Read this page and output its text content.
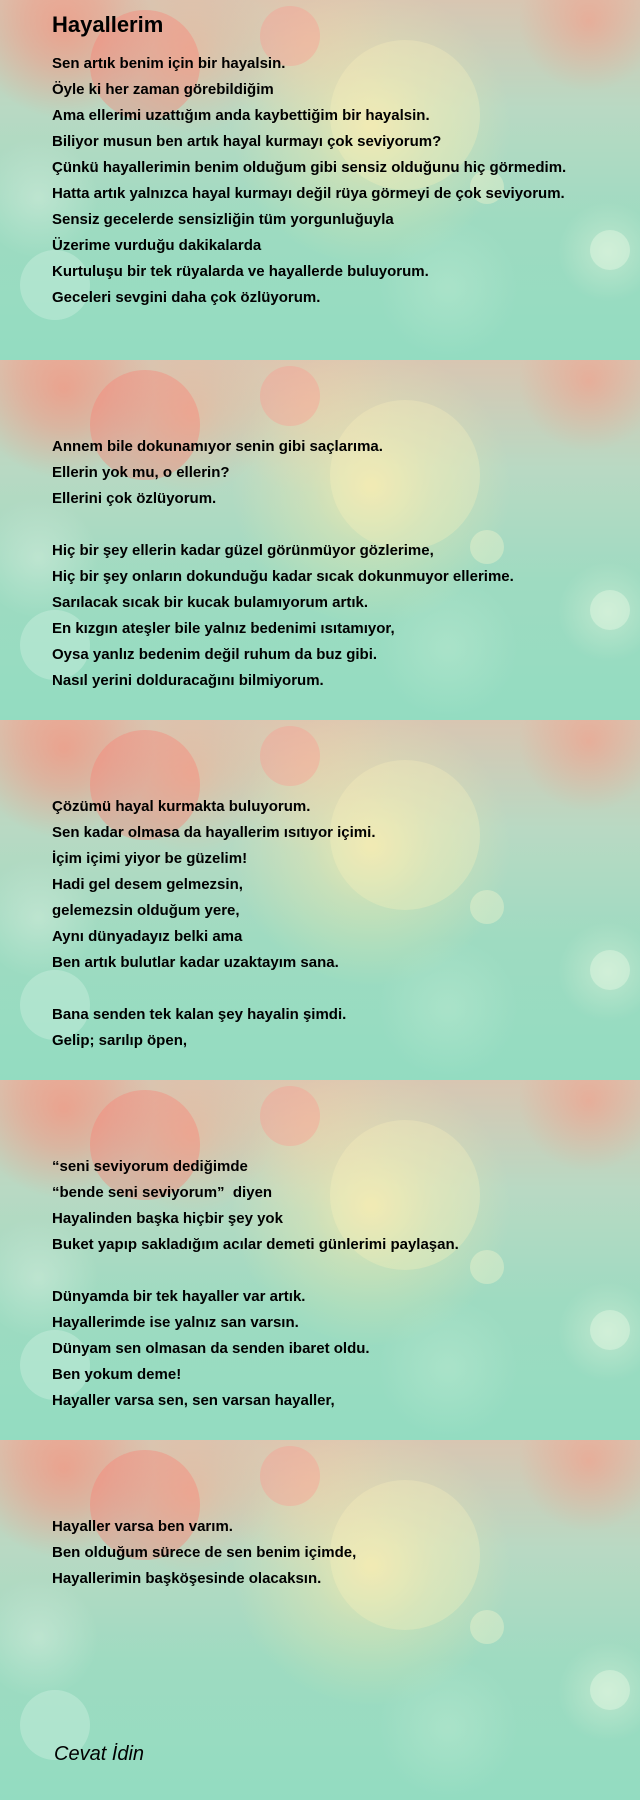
Hayallerim
Sen artık benim için bir hayalsin.
Öyle ki her zaman görebildiğim
Ama ellerimi uzattığım anda kaybettiğim bir hayalsin.
Biliyor musun ben artık hayal kurmayı çok seviyorum?
Çünkü hayallerimin benim olduğum gibi sensiz olduğunu hiç görmedim.
Hatta artık yalnızca hayal kurmayı değil rüya görmeyi de çok seviyorum.
Sensiz gecelerde sensizliğin tüm yorgunluğuyla
Üzerime vurduğu dakikalarda
Kurtuluşu bir tek rüyalarda ve hayallerde buluyorum.
Geceleri sevgini daha çok özlüyorum.
Annem bile dokunamıyor senin gibi saçlarıma.
Ellerin yok mu, o ellerin?
Ellerini çok özlüyorum.
Hiç bir şey ellerin kadar güzel görünmüyor gözlerime,
Hiç bir şey onların dokunduğu kadar sıcak dokunmuyor ellerime.
Sarılacak sıcak bir kucak bulamıyorum artık.
En kızgın ateşler bile yalnız bedenimi ısıtamıyor,
Oysa yanlız bedenim değil ruhum da buz gibi.
Nasıl yerini dolduracağını bilmiyorum.
Çözümü hayal kurmakta buluyorum.
Sen kadar olmasa da hayallerim ısıtıyor içimi.
İçim içimi yiyor be güzelim!
Hadi gel desem gelmezsin,
gelemezsin olduğum yere,
Aynı dünyadayız belki ama
Ben artık bulutlar kadar uzaktayım sana.
Bana senden tek kalan şey hayalin şimdi.
Gelip; sarılıp öpen,
“seni seviyorum dediğimde
“bende seni seviyorum”  diyen
Hayalinden başka hiçbir şey yok
Buket yapıp sakladığım acılar demeti günlerimi paylaşan.
Dünyamda bir tek hayaller var artık.
Hayallerimde ise yalnız san varsın.
Dünyam sen olmasan da senden ibaret oldu.
Ben yokum deme!
Hayaller varsa sen, sen varsan hayaller,
Hayaller varsa ben varım.
Ben olduğum sürece de sen benim içimde,
Hayallerimin başköşesinde olacaksın.

Cevat İdin
